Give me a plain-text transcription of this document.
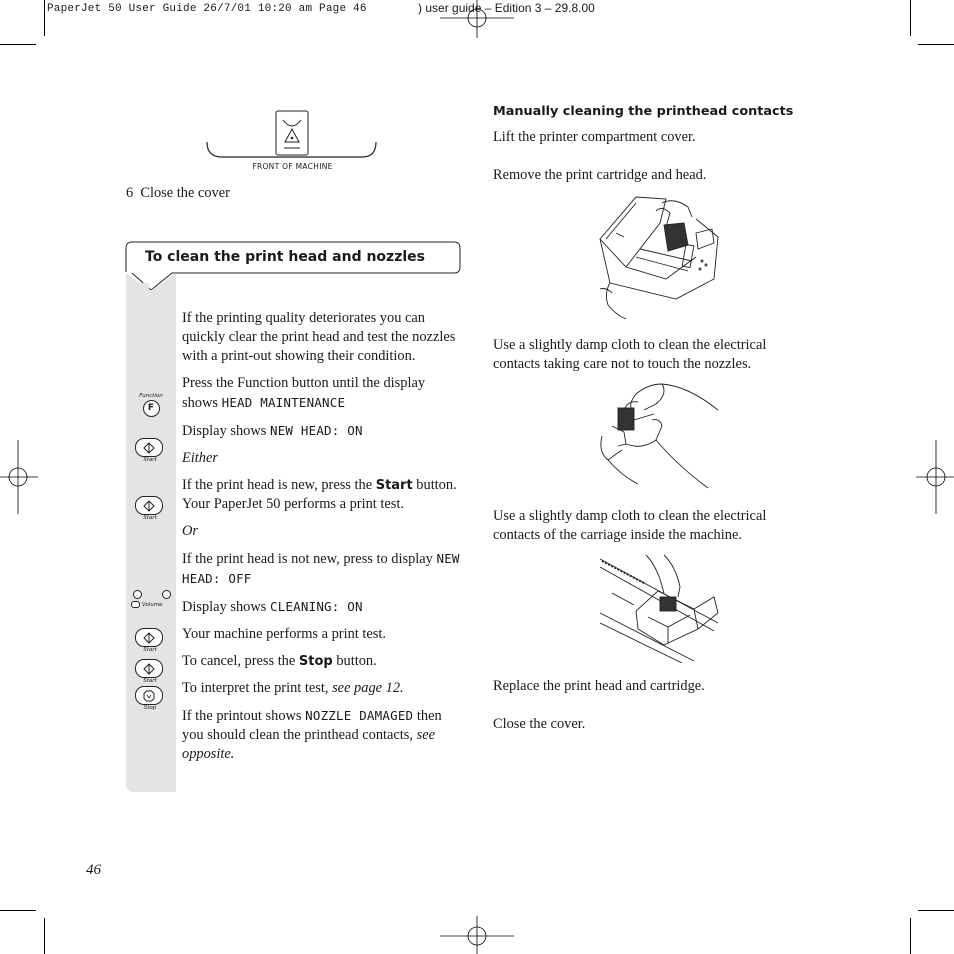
PaperJet 50 User Guide 26/7/01 10:20 am Page 46	) user guide – Edition 3 – 29.8.00
FRONT OF MACHINE
6  Close the cover
To clean the print head and nozzles
Function
F
Start
Start
Volume
Start
Start
Stop

If the printing quality deteriorates you can quickly clear the print head and test the nozzles with a print-out showing their condition.

Press the Function button until the display shows HEAD MAINTENANCE

Display shows NEW HEAD: ON

Either

If the print head is new, press the Start button. Your PaperJet 50 performs a print test.

Or

If the print head is not new, press to display NEW HEAD: OFF

Display shows CLEANING: ON

Your machine performs a print test.

To cancel, press the Stop button.

To interpret the print test, see page 12.

If the printout shows NOZZLE DAMAGED then you should clean the printhead contacts, see opposite.

Manually cleaning the printhead contacts
Lift the printer compartment cover.
Remove the print cartridge and head.
Use a slightly damp cloth to clean the electrical contacts taking care not to touch the nozzles.
Use a slightly damp cloth to clean the electrical contacts of the carriage inside the machine.
Replace the print head and cartridge.
Close the cover.
46
